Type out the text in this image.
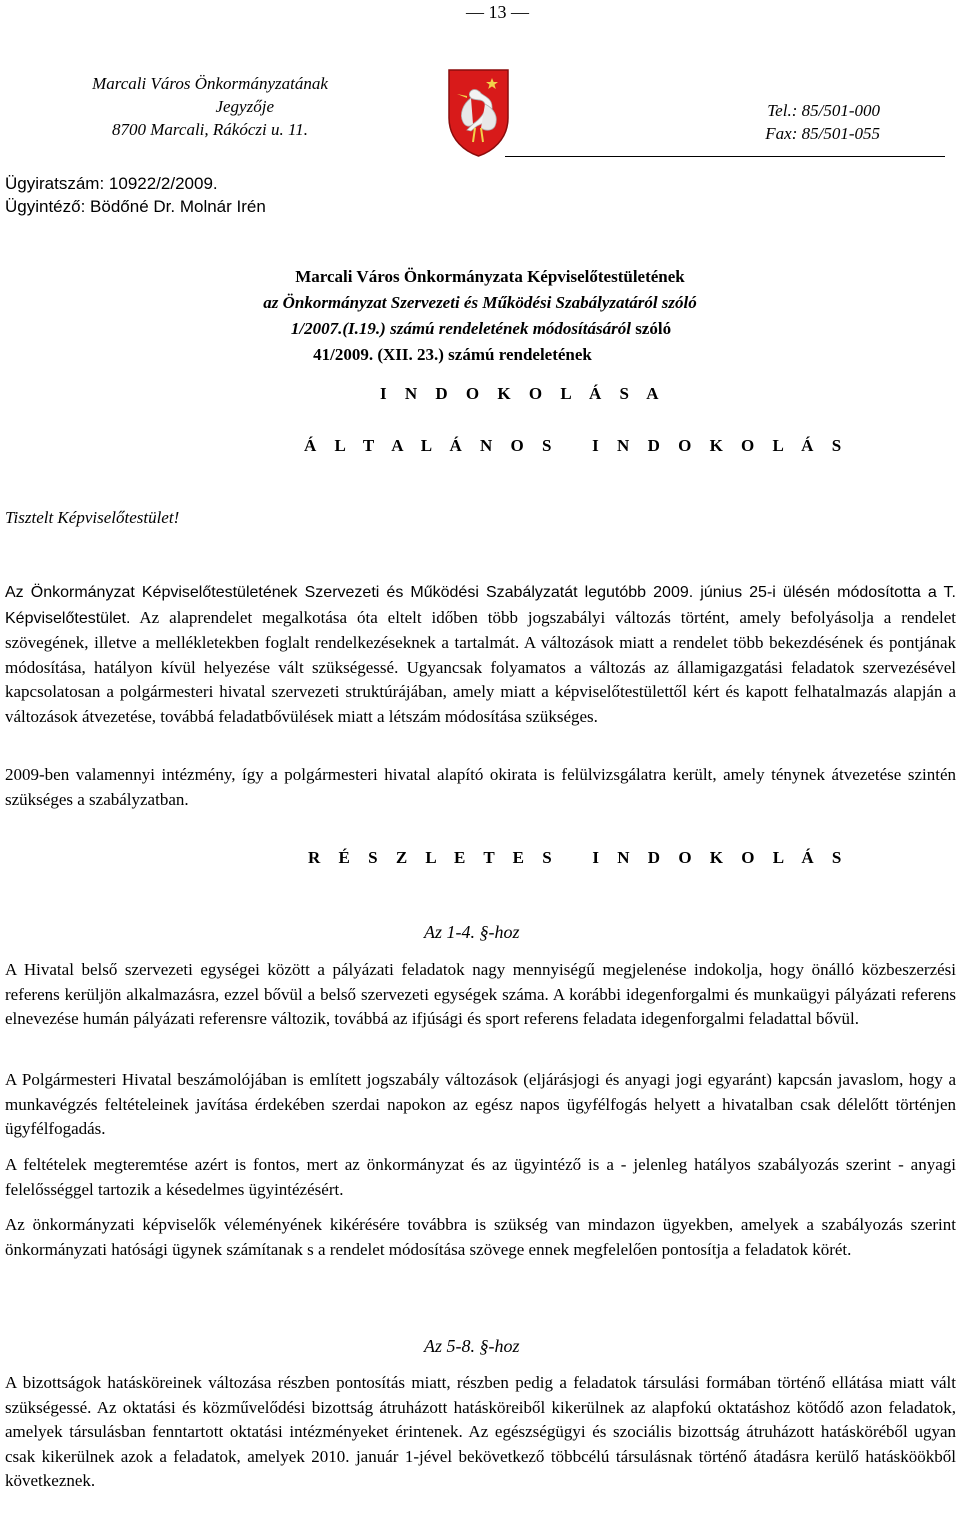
— 13 —
Marcali Város Önkormányzatának
Jegyzője
8700 Marcali, Rákóczi u. 11.
Tel.: 85/501-000
Fax: 85/501-055
Ügyiratszám: 10922/2/2009.
Ügyintéző: Bödőné Dr. Molnár Irén
Marcali Város Önkormányzata Képviselőtestületének
az Önkormányzat Szervezeti és Működési Szabályzatáról szóló
1/2007.(I.19.) számú rendeletének módosításáról szóló
41/2009. (XII. 23.) számú rendeletének
I N D O K O L Á S A
Á L T A L Á N O S   I N D O K O L Á S
Tisztelt Képviselőtestület!
Az Önkormányzat Képviselőtestületének Szervezeti és Működési Szabályzatát legutóbb 2009. június 25-i ülésén módosította a T. Képviselőtestület. Az alaprendelet megalkotása óta eltelt időben több jogszabályi változás történt, amely befolyásolja a rendelet szövegének, illetve a mellékletekben foglalt rendelkezéseknek a tartalmát. A változások miatt a rendelet több bekezdésének és pontjának módosítása, hatályon kívül helyezése vált szükségessé. Ugyancsak folyamatos a változás az államigazgatási feladatok szervezésével kapcsolatosan a polgármesteri hivatal szervezeti struktúrájában, amely miatt a képviselőtestülettől kért és kapott felhatalmazás alapján a változások átvezetése, továbbá feladatbővülések miatt a létszám módosítása szükséges.
2009-ben valamennyi intézmény, így a polgármesteri hivatal alapító okirata is felülvizsgálatra került, amely ténynek átvezetése szintén szükséges a szabályzatban.
R É S Z L E T E S   I N D O K O L Á S
Az 1-4. §-hoz
A Hivatal belső szervezeti egységei között a pályázati feladatok nagy mennyiségű megjelenése indokolja, hogy önálló közbeszerzési referens kerüljön alkalmazásra, ezzel bővül a belső szervezeti egységek száma. A korábbi idegenforgalmi és munkaügyi pályázati referens elnevezése humán pályázati referensre változik, továbbá az ifjúsági és sport referens feladata idegenforgalmi feladattal bővül.
A Polgármesteri Hivatal beszámolójában is említett jogszabály változások (eljárásjogi és anyagi jogi egyaránt) kapcsán javaslom, hogy a munkavégzés feltételeinek javítása érdekében szerdai napokon az egész napos ügyfélfogás helyett a hivatalban csak délelőtt történjen ügyfélfogadás.
A feltételek megteremtése azért is fontos, mert az önkormányzat és az ügyintéző is a - jelenleg hatályos szabályozás szerint - anyagi felelősséggel tartozik a késedelmes ügyintézésért.
Az önkormányzati képviselők véleményének kikérésére továbbra is szükség van mindazon ügyekben, amelyek a szabályozás szerint önkormányzati hatósági ügynek számítanak s a rendelet módosítása szövege ennek megfelelően pontosítja a feladatok körét.
Az 5-8. §-hoz
A bizottságok hatásköreinek változása részben pontosítás miatt, részben pedig a feladatok társulási formában történő ellátása miatt vált szükségessé. Az oktatási és közművelődési bizottság átruházott hatásköreiből kikerülnek az alapfokú oktatáshoz kötődő azon feladatok, amelyek társulásban fenntartott oktatási intézményeket érintenek. Az egészségügyi és szociális bizottság átruházott hatásköréből ugyan csak kikerülnek azok a feladatok, amelyek 2010. január 1-jével bekövetkező többcélú társulásnak történő átadásra kerülő hatásköökből következnek.
